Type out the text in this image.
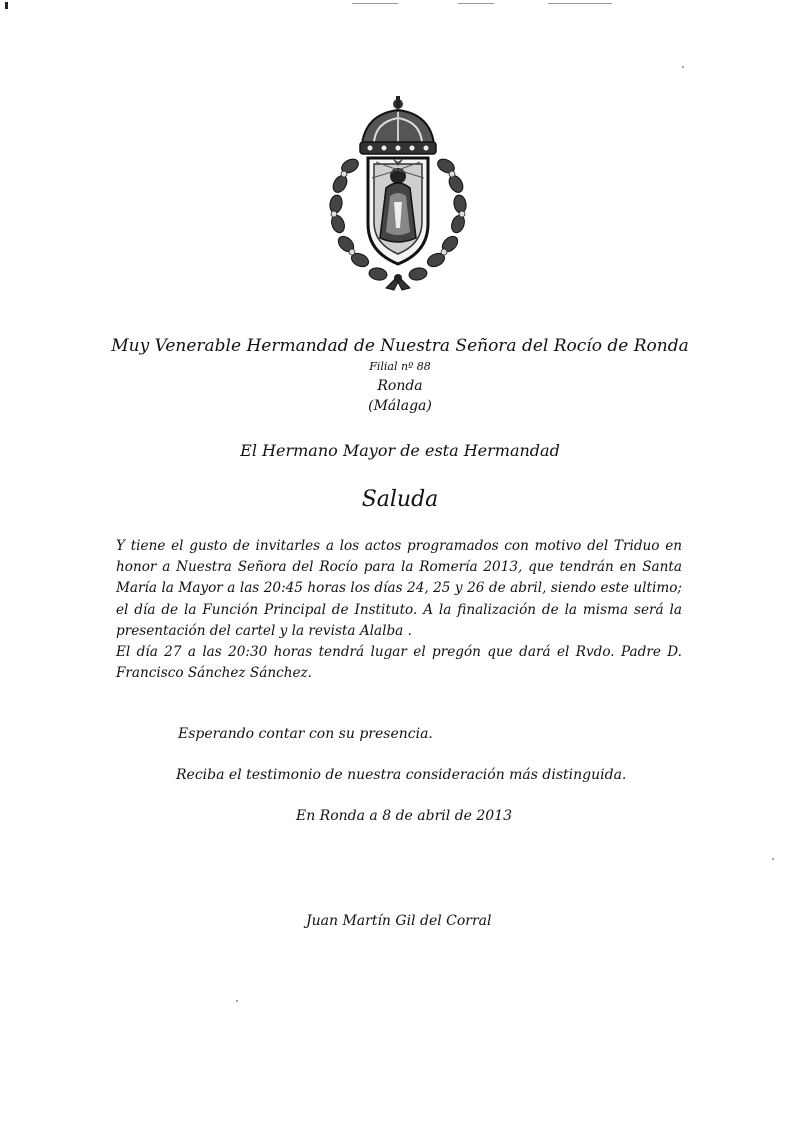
Muy Venerable Hermandad de Nuestra Señora del Rocío de Ronda
Filial nº 88
Ronda
(Málaga)
El Hermano Mayor de esta Hermandad
Saluda
Y tiene el gusto de invitarles a los actos programados con motivo del Triduo en honor a Nuestra Señora del Rocío para la Romería 2013, que tendrán en Santa María la Mayor a las 20:45 horas los días 24, 25 y 26 de abril, siendo este ultimo; el día de la Función Principal de Instituto. A la finalización de la misma será la presentación del cartel y la revista Alalba .
El día 27 a las 20:30 horas tendrá lugar el pregón que dará el Rvdo. Padre D. Francisco Sánchez Sánchez.
Esperando contar con su presencia.
Reciba el testimonio de nuestra consideración más distinguida.
En Ronda a 8 de abril de 2013
Juan Martín Gil del Corral
